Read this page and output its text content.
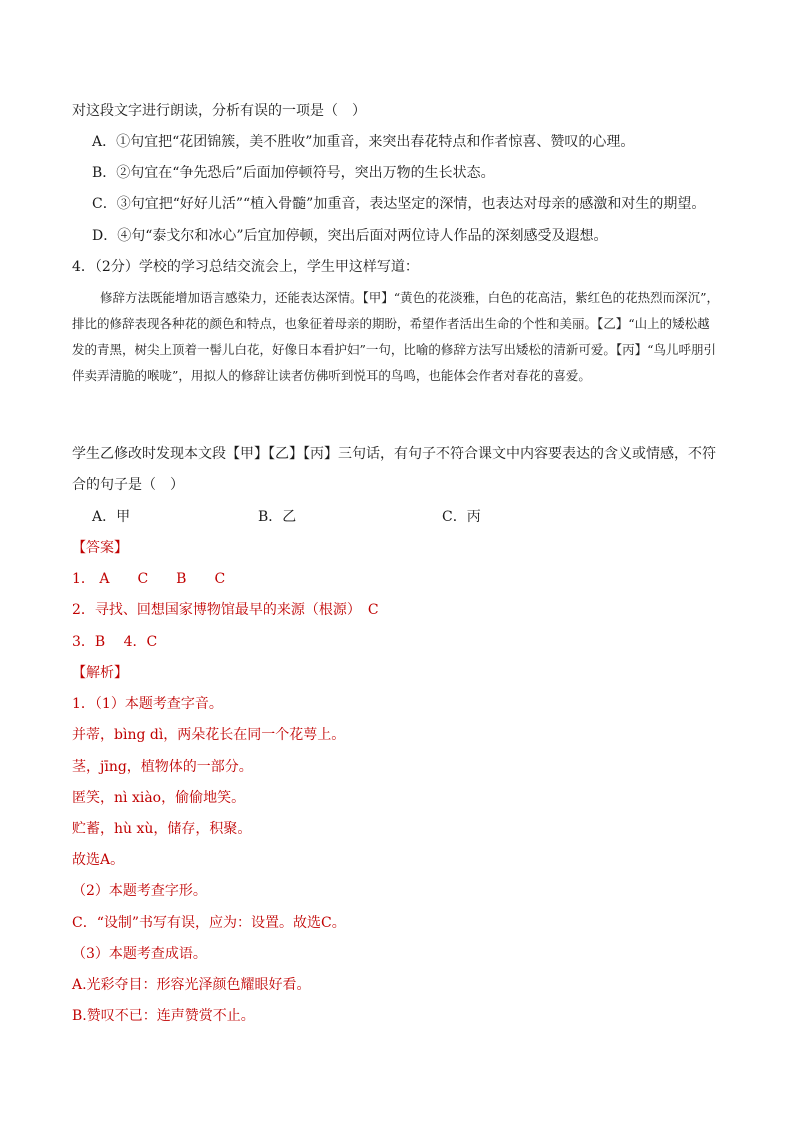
对这段文字进行朗读，分析有误的一项是（　）
A．①句宜把“花团锦簇，美不胜收”加重音，来突出春花特点和作者惊喜、赞叹的心理。
B．②句宜在“争先恐后”后面加停顿符号，突出万物的生长状态。
C．③句宜把“好好儿活”“植入骨髓”加重音，表达坚定的深情，也表达对母亲的感激和对生的期望。
D．④句“泰戈尔和冰心”后宜加停顿，突出后面对两位诗人作品的深刻感受及遐想。
4．（2分）学校的学习总结交流会上，学生甲这样写道：
修辞方法既能增加语言感染力，还能表达深情。【甲】“黄色的花淡雅，白色的花高洁，紫红色的花热烈而深沉”，排比的修辞表现各种花的颜色和特点，也象征着母亲的期盼，希望作者活出生命的个性和美丽。【乙】“山上的矮松越发的青黑，树尖上顶着一髻儿白花，好像日本看护妇”一句，比喻的修辞方法写出矮松的清新可爱。【丙】“鸟儿呼朋引伴卖弄清脆的喉咙”，用拟人的修辞让读者仿佛听到悦耳的鸟鸣，也能体会作者对春花的喜爱。
学生乙修改时发现本文段【甲】【乙】【丙】三句话，有句子不符合课文中内容要表达的含义或情感，不符
合的句子是（　）
A．甲	B．乙	C．丙
【答案】
1． A　　C　　B　　C
2．寻找、回想国家博物馆最早的来源（根源）　C
3．B　 4．C
【解析】
1．（1）本题考查字音。
并蒂，bìng dì，两朵花长在同一个花萼上。
茎，jīng，植物体的一部分。
匿笑，nì xiào，偷偷地笑。
贮蓄，hù xù，储存，积聚。
故选A。
（2）本题考查字形。
C．“设制”书写有误，应为：设置。故选C。
（3）本题考查成语。
A.光彩夺目：形容光泽颜色耀眼好看。
B.赞叹不已：连声赞赏不止。
